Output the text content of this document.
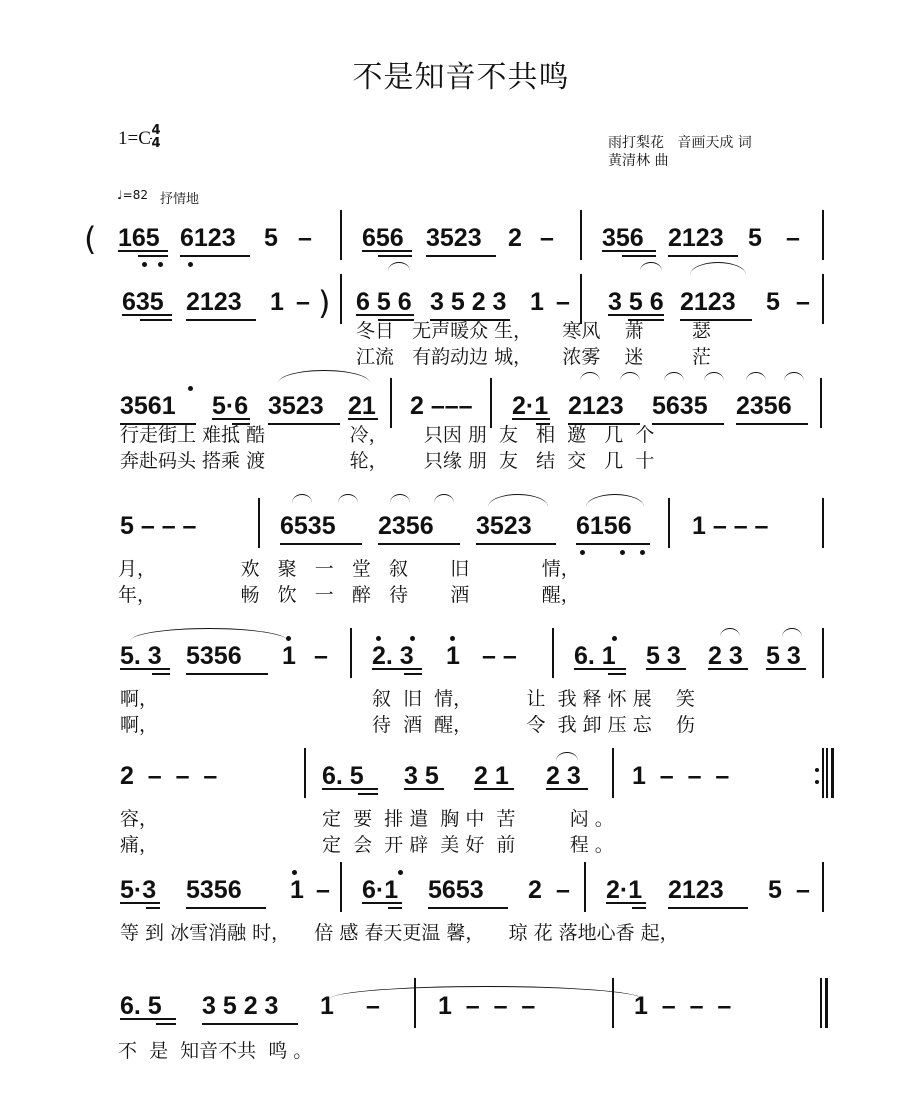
不是知音不共鸣
1=C 4
4	雨打梨花   音画天成 词
黄清林 曲
♩=82 抒情地
( 165 6123 5 – 656 3523 2 – 356 2123 5 –
)
635 2123 1 – 6 5 6 3 5 2 3 1 – 3 5 6 2123 5 –
冬日   无声暖众 生，     寒风    萧        瑟
江流   有韵动边 城，     浓雾    迷        茫
3561 5·6 3523 21 2 ––– 2·1 2123 5635 2356
行走街上 难抵 酷              冷，      只因 朋  友   相  邀   几  个
奔赴码头 搭乘 渡              轮，      只缘 朋  友   结  交   几  十
5 – – –	6535 2356 3523 6156 1 – – –
月，              欢   聚   一   堂   叙       旧            情，
年，              畅   饮   一   醉   待       酒            醒，
5. 3 5356 1 – 2. 3 1 – – 6. 1 5 3 2 3 5 3
啊，
啊，
叙  旧  情，         让  我 释 怀 展    笑
待  酒  醒，         令  我 卸 压 忘    伤
2  –  –  –	6. 5 3 5 2 1 2 3 1  –  –  –
容，
痛，
定  要  排 遣  胸 中  苦         闷 。
定  会  开 辟  美 好  前         程 。
5·3 5356 1 – 6·1 5653 2 – 2·1 2123 5 –
等 到 冰雪消融 时，    倍 感 春天更温 馨，    琼 花 落地心香 起，
6. 5 3 5 2 3 1 – 1  –  –  –	1  –  –  –
不  是  知音不共  鸣 。
